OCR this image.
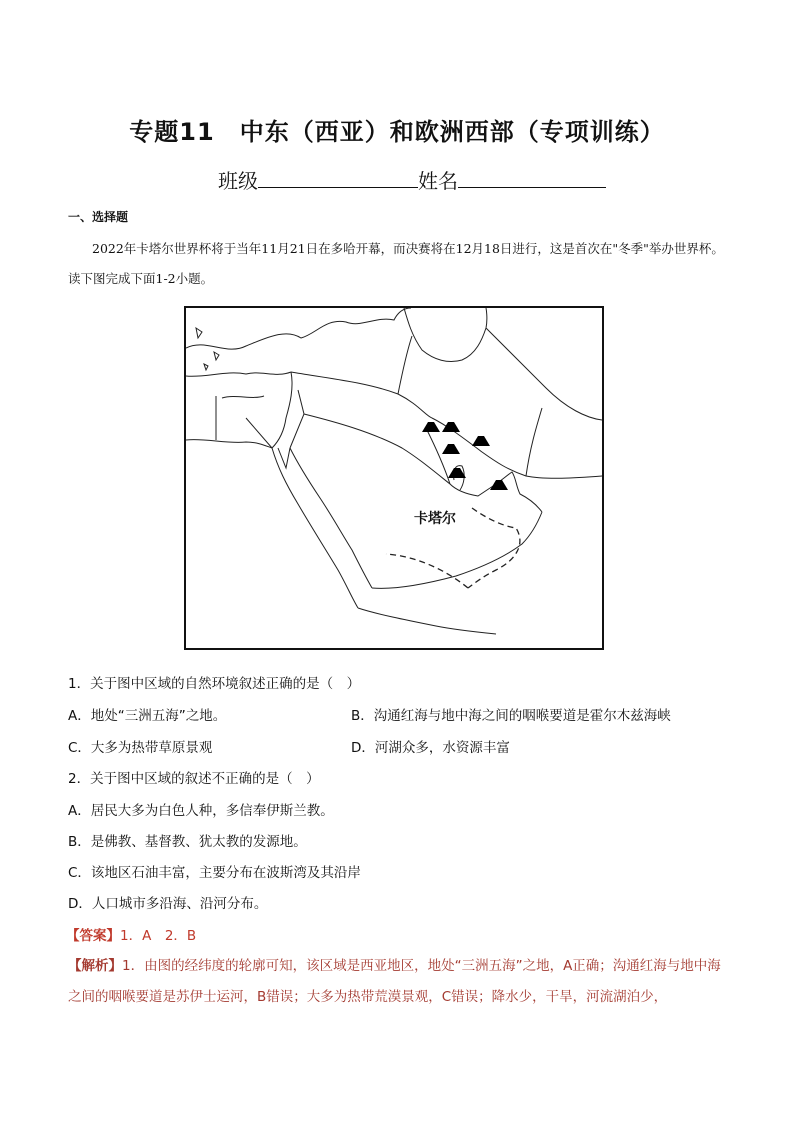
专题11　中东（西亚）和欧洲西部（专项训练）
班级	姓名
一、选择题
2022年卡塔尔世界杯将于当年11月21日在多哈开幕，而决赛将在12月18日进行，这是首次在"冬季"举办世界杯。读下图完成下面1-2小题。
卡塔尔
1．关于图中区域的自然环境叙述正确的是（　）
A．地处“三洲五海”之地。	B．沟通红海与地中海之间的咽喉要道是霍尔木兹海峡
C．大多为热带草原景观	D．河湖众多，水资源丰富
2．关于图中区域的叙述不正确的是（　）
A．居民大多为白色人种，多信奉伊斯兰教。
B．是佛教、基督教、犹太教的发源地。
C．该地区石油丰富，主要分布在波斯湾及其沿岸
D．人口城市多沿海、沿河分布。
【答案】1．A　2．B
【解析】1．由图的经纬度的轮廓可知，该区域是西亚地区，地处“三洲五海”之地，A正确；沟通红海与地中海之间的咽喉要道是苏伊士运河，B错误；大多为热带荒漠景观，C错误；降水少，干旱，河流湖泊少，
